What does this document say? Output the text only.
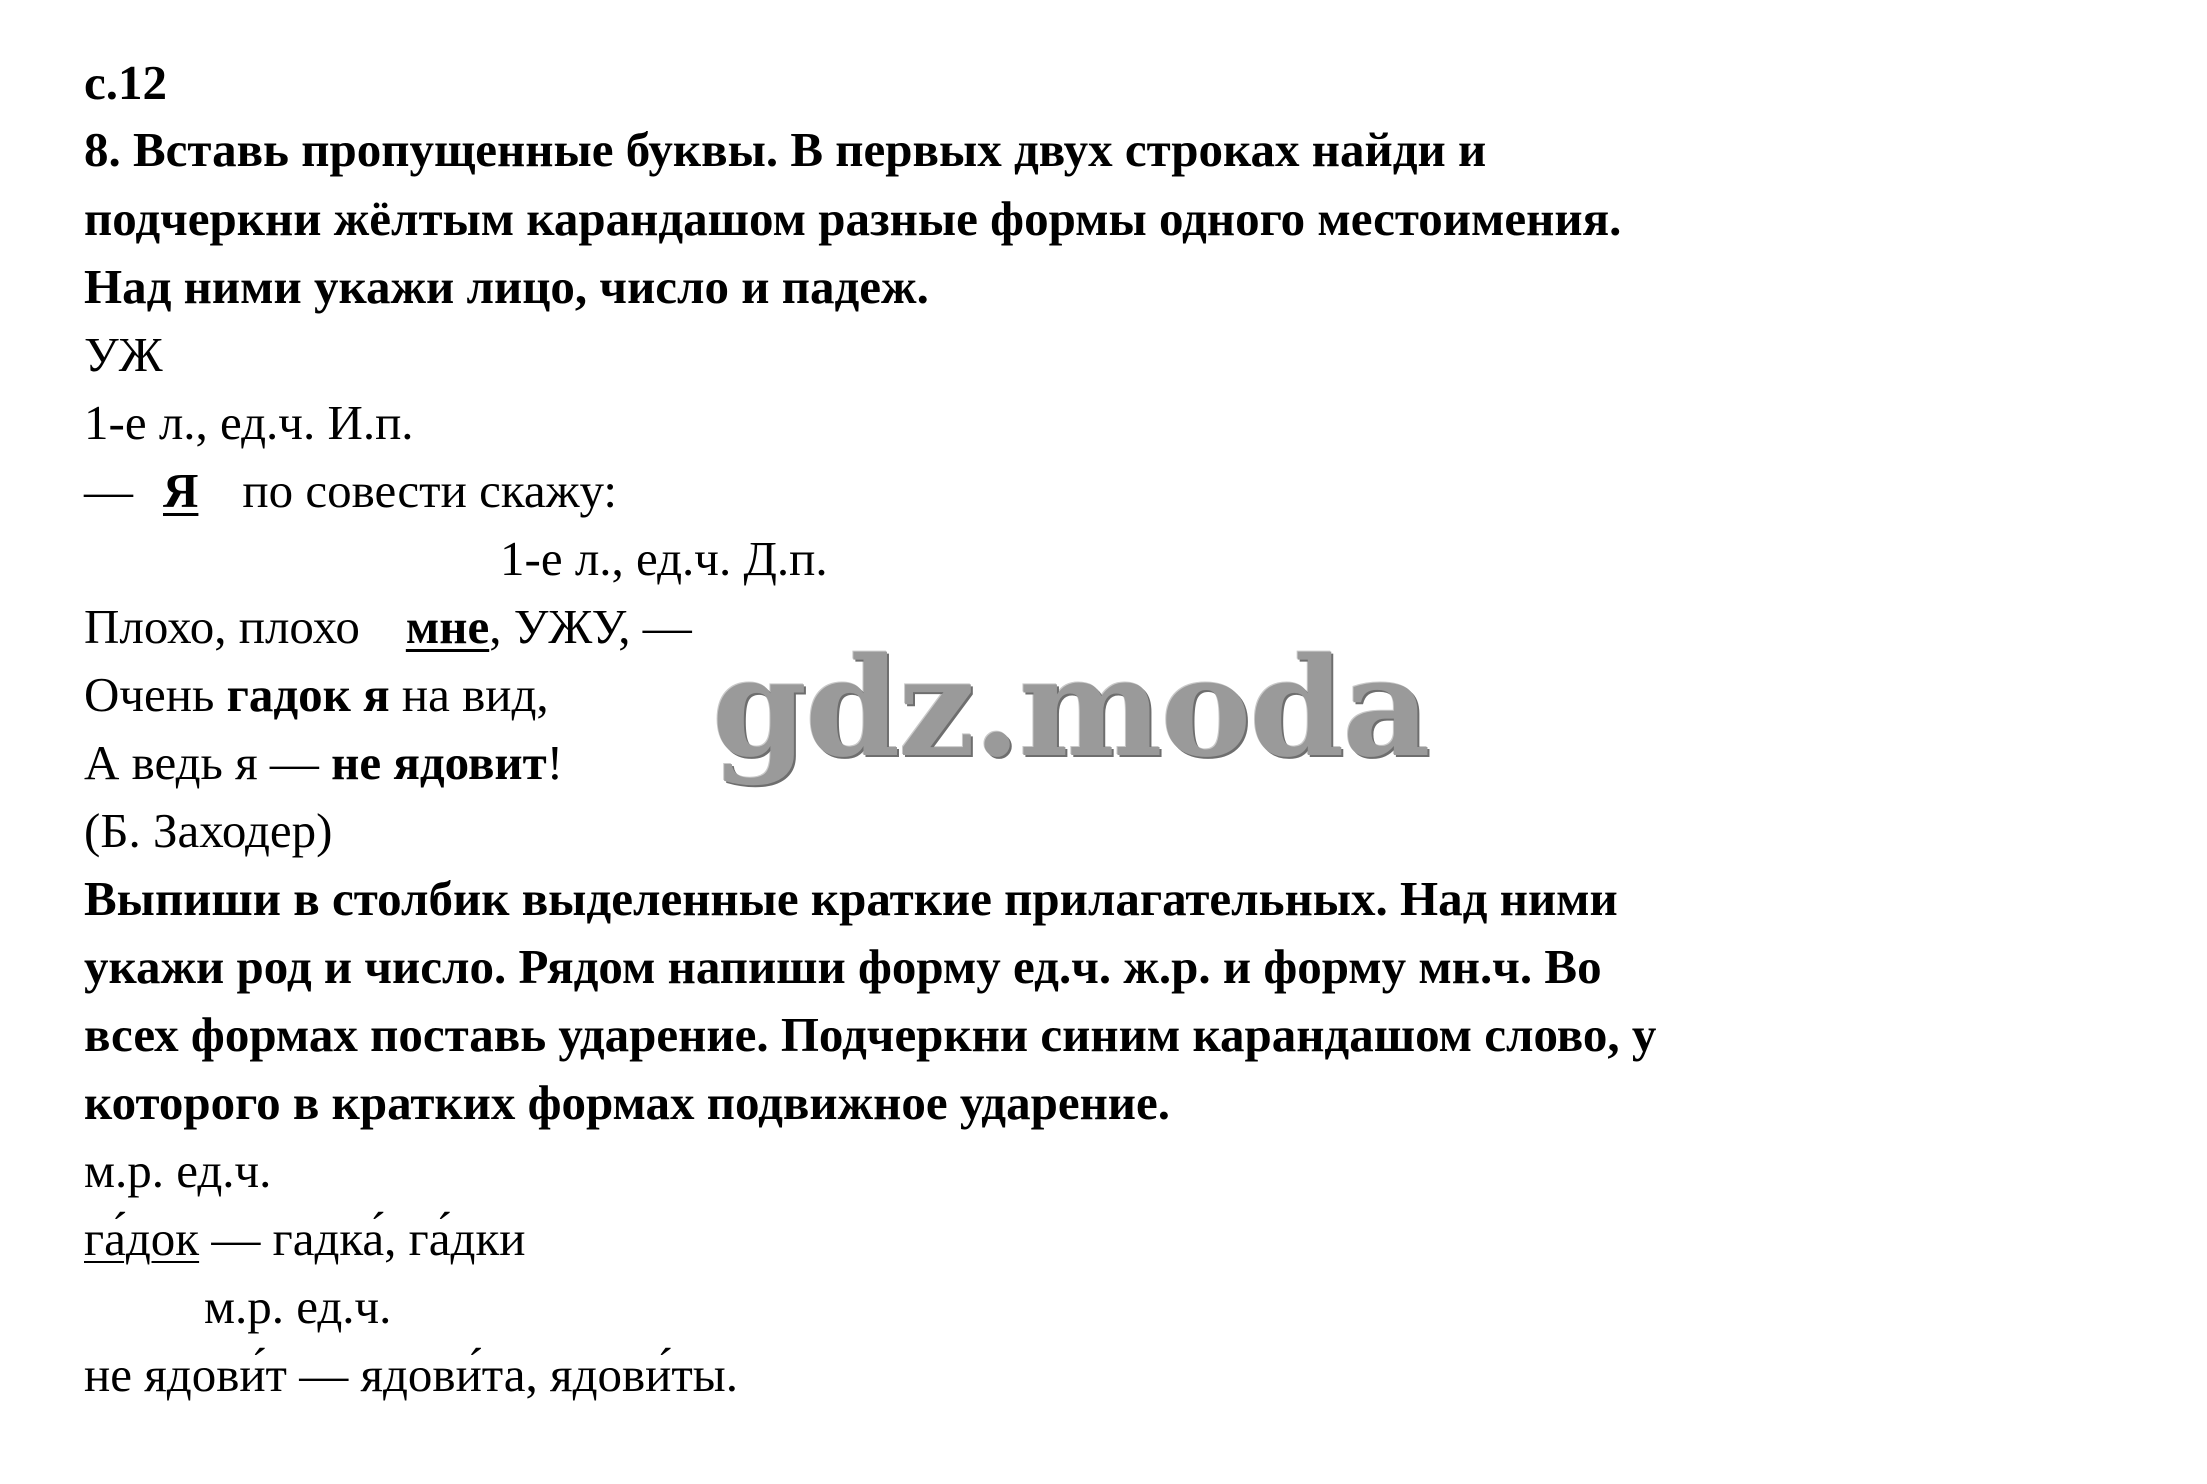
с.12
8. Вставь пропущенные буквы. В первых двух строках найди и
подчеркни жёлтым карандашом разные формы одного местоимения.
Над ними укажи лицо, число и падеж.
УЖ
1-е л., ед.ч. И.п.
— Я по совести скажу:
1-е л., ед.ч. Д.п.
Плохо, плохо мне, УЖУ, —
Очень гадок я на вид,
А ведь я — не ядовит!
(Б. Заходер)
Выпиши в столбик выделенные краткие прилагательных. Над ними
укажи род и число. Рядом напиши форму ед.ч. ж.р. и форму мн.ч. Во
всех формах поставь ударение. Подчеркни синим карандашом слово, у
которого в кратких формах подвижное ударение.
м.р. ед.ч.
га́док — гадка́, га́дки
м.р. ед.ч.
не ядови́т — ядови́та, ядови́ты.
gdz.moda
